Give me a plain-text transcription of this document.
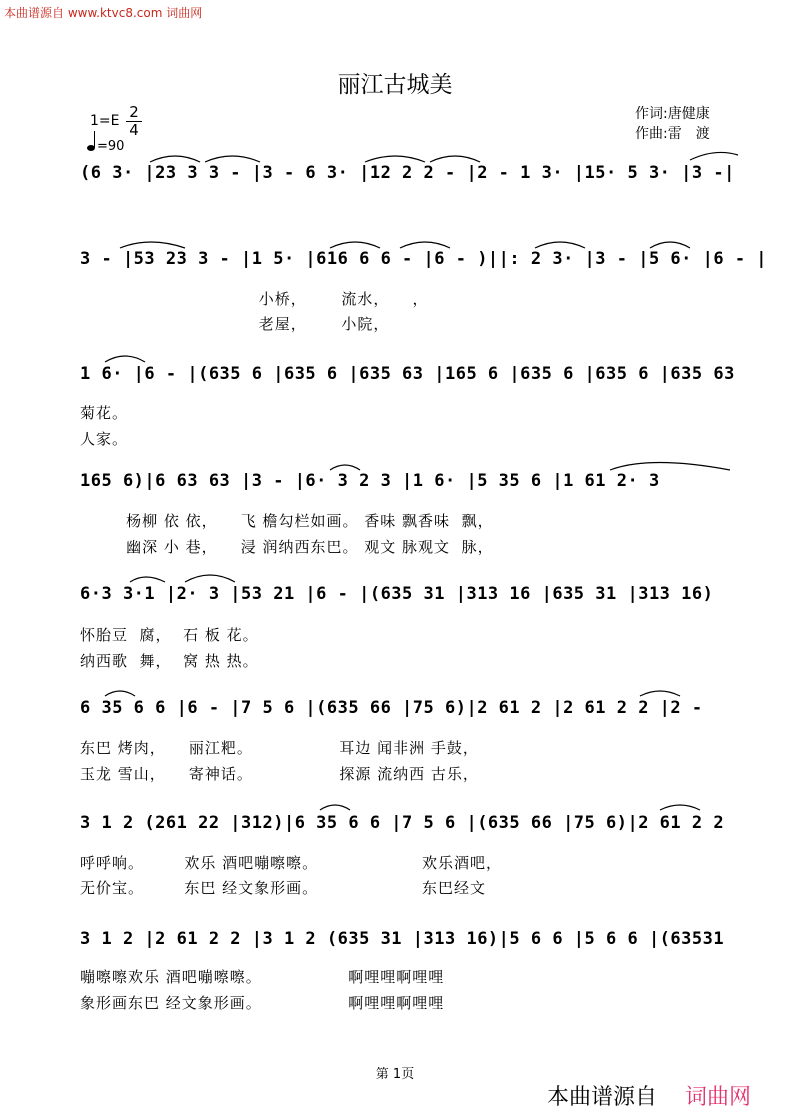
本曲谱源自 www.ktvc8.com 词曲网
丽江古城美
作词:唐健康
作曲:雷　渡
1=E 2
4
=90
(6 3· |23 3 3 - |3 - 6 3· |12 2 2 - |2 - 1 3· |15· 5 3· |3 -|
3 - |53 23 3 - |1 5· |616 6 6 - |6 - )||: 2 3· |3 - |5 6· |6 - |
小桥，      流水，    ，
老屋，      小院，
1 6· |6 - |(635 6 |635 6 |635 63 |165 6 |635 6 |635 6 |635 63
菊花。
人家。
165 6)|6 63 63 |3 - |6· 3 2 3 |1 6· |5 35 6 |1 61 2· 3
杨柳 依 依，    飞 檐勾栏如画。 香味 飘香味  飘，
幽深 小 巷，    浸 润纳西东巴。 观文 脉观文  脉，
6·3 3·1 |2· 3 |53 21 |6 - |(635 31 |313 16 |635 31 |313 16)
怀胎豆  腐，  石 板 花。
纳西歌  舞，  窝 热 热。
6 35 6 6 |6 - |7 5 6 |(635 66 |75 6)|2 61 2 |2 61 2 2 |2 -
东巴 烤肉，    丽江粑。               耳边 闻非洲 手鼓，
玉龙 雪山，    寄神话。               探源 流纳西 古乐，
3 1 2 (261 22 |312)|6 35 6 6 |7 5 6 |(635 66 |75 6)|2 61 2 2
呼呼响。       欢乐 酒吧嘣嚓嚓。                  欢乐酒吧，
无价宝。       东巴 经文象形画。                  东巴经文
3 1 2 |2 61 2 2 |3 1 2 (635 31 |313 16)|5 6 6 |5 6 6 |(63531
嘣嚓嚓欢乐 酒吧嘣嚓嚓。               啊哩哩啊哩哩
象形画东巴 经文象形画。               啊哩哩啊哩哩
第 1页
本曲谱源自 词曲网
